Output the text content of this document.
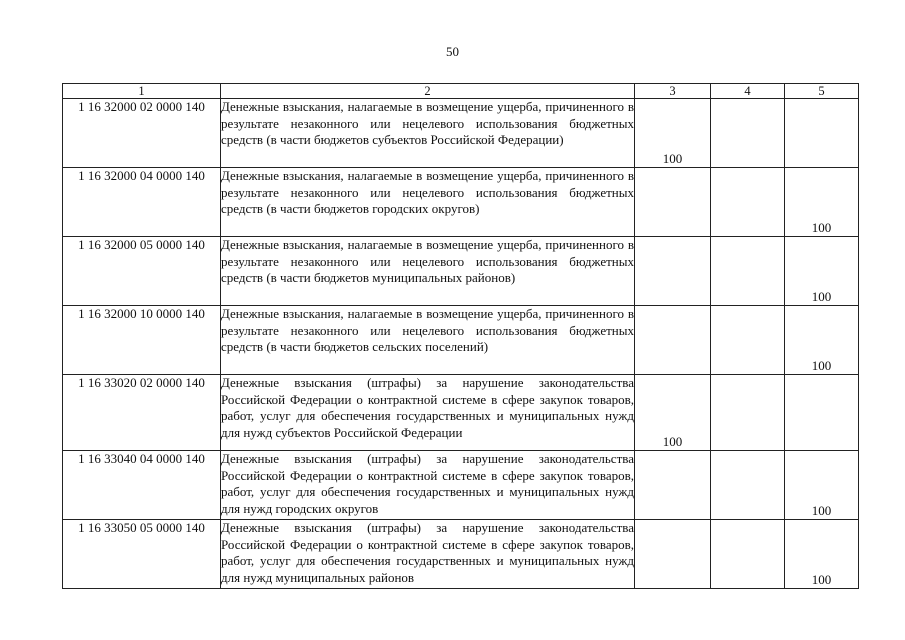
50
1	2	3	4	5
1 16 32000 02 0000 140	Денежные взыскания, налагаемые в возмещение ущерба, причиненного в результате незаконного или нецелевого использования бюджетных средств (в части бюджетов субъектов Российской Федерации)	100		
1 16 32000 04 0000 140	Денежные взыскания, налагаемые в возмещение ущерба, причиненного в результате незаконного или нецелевого использования бюджетных средств (в части бюджетов городских округов)			100
1 16 32000 05 0000 140	Денежные взыскания, налагаемые в возмещение ущерба, причиненного в результате незаконного или нецелевого использования бюджетных средств (в части бюджетов муниципальных районов)			100
1 16 32000 10 0000 140	Денежные взыскания, налагаемые в возмещение ущерба, причиненного в результате незаконного или нецелевого использования бюджетных средств (в части бюджетов сельских поселений)			100
1 16 33020 02 0000 140	Денежные взыскания (штрафы) за нарушение законодательства Российской Федерации о контрактной системе в сфере закупок товаров, работ, услуг для обеспечения государственных и муниципальных нужд для нужд субъектов Российской Федерации	100		
1 16 33040 04 0000 140	Денежные взыскания (штрафы) за нарушение законодательства Российской Федерации о контрактной системе в сфере закупок товаров, работ, услуг для обеспечения государственных и муниципальных нужд для нужд городских округов			100
1 16 33050 05 0000 140	Денежные взыскания (штрафы) за нарушение законодательства Российской Федерации о контрактной системе в сфере закупок товаров, работ, услуг для обеспечения государственных и муниципальных нужд для нужд муниципальных районов			100
